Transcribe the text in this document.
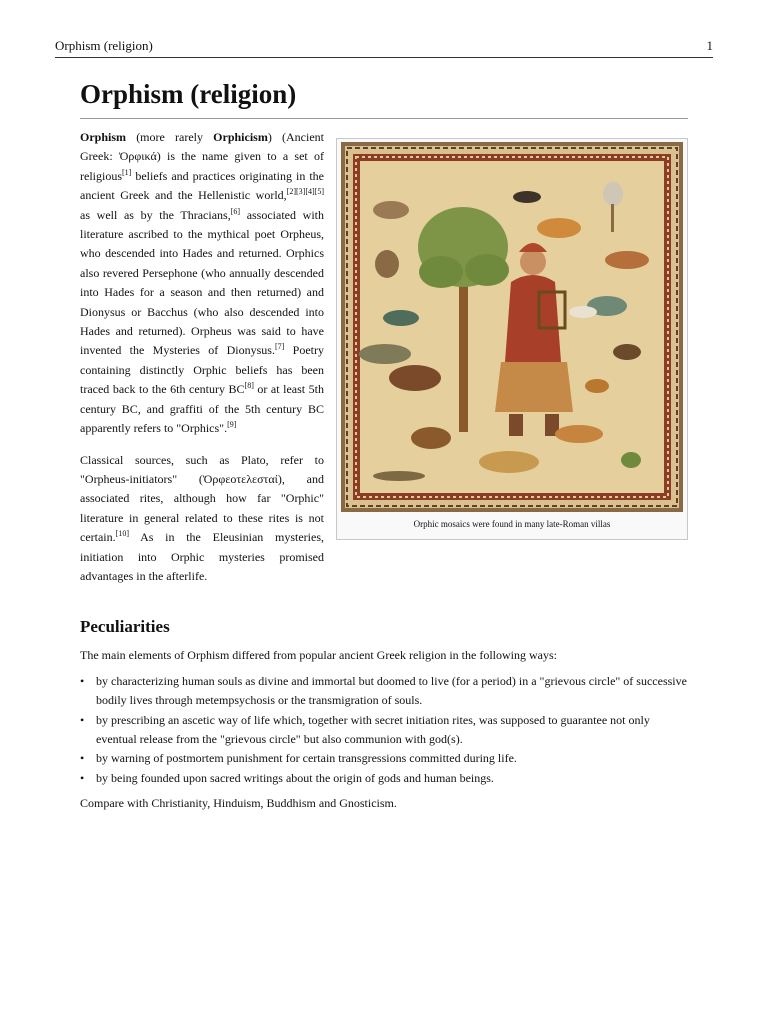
Orphism (religion)	1
Orphism (religion)
Orphic mosaics were found in many late-Roman villas

Orphism (more rarely Orphicism) (Ancient Greek: Ὀρφικά) is the name given to a set of religious[1] beliefs and practices originating in the ancient Greek and the Hellenistic world,[2][3][4][5] as well as by the Thracians,[6] associated with literature ascribed to the mythical poet Orpheus, who descended into Hades and returned. Orphics also revered Persephone (who annually descended into Hades for a season and then returned) and Dionysus or Bacchus (who also descended into Hades and returned). Orpheus was said to have invented the Mysteries of Dionysus.[7] Poetry containing distinctly Orphic beliefs has been traced back to the 6th century BC[8] or at least 5th century BC, and graffiti of the 5th century BC apparently refers to "Orphics".[9]

Classical sources, such as Plato, refer to "Orpheus-initiators" (Ὀρφεοτελεσταί), and associated rites, although how far "Orphic" literature in general related to these rites is not certain.[10] As in the Eleusinian mysteries, initiation into Orphic mysteries promised advantages in the afterlife.

Peculiarities

The main elements of Orphism differed from popular ancient Greek religion in the following ways:

• by characterizing human souls as divine and immortal but doomed to live (for a period) in a "grievous circle" of successive bodily lives through metempsychosis or the transmigration of souls.
• by prescribing an ascetic way of life which, together with secret initiation rites, was supposed to guarantee not only eventual release from the "grievous circle" but also communion with god(s).
• by warning of postmortem punishment for certain transgressions committed during life.
• by being founded upon sacred writings about the origin of gods and human beings.

Compare with Christianity, Hinduism, Buddhism and Gnosticism.
